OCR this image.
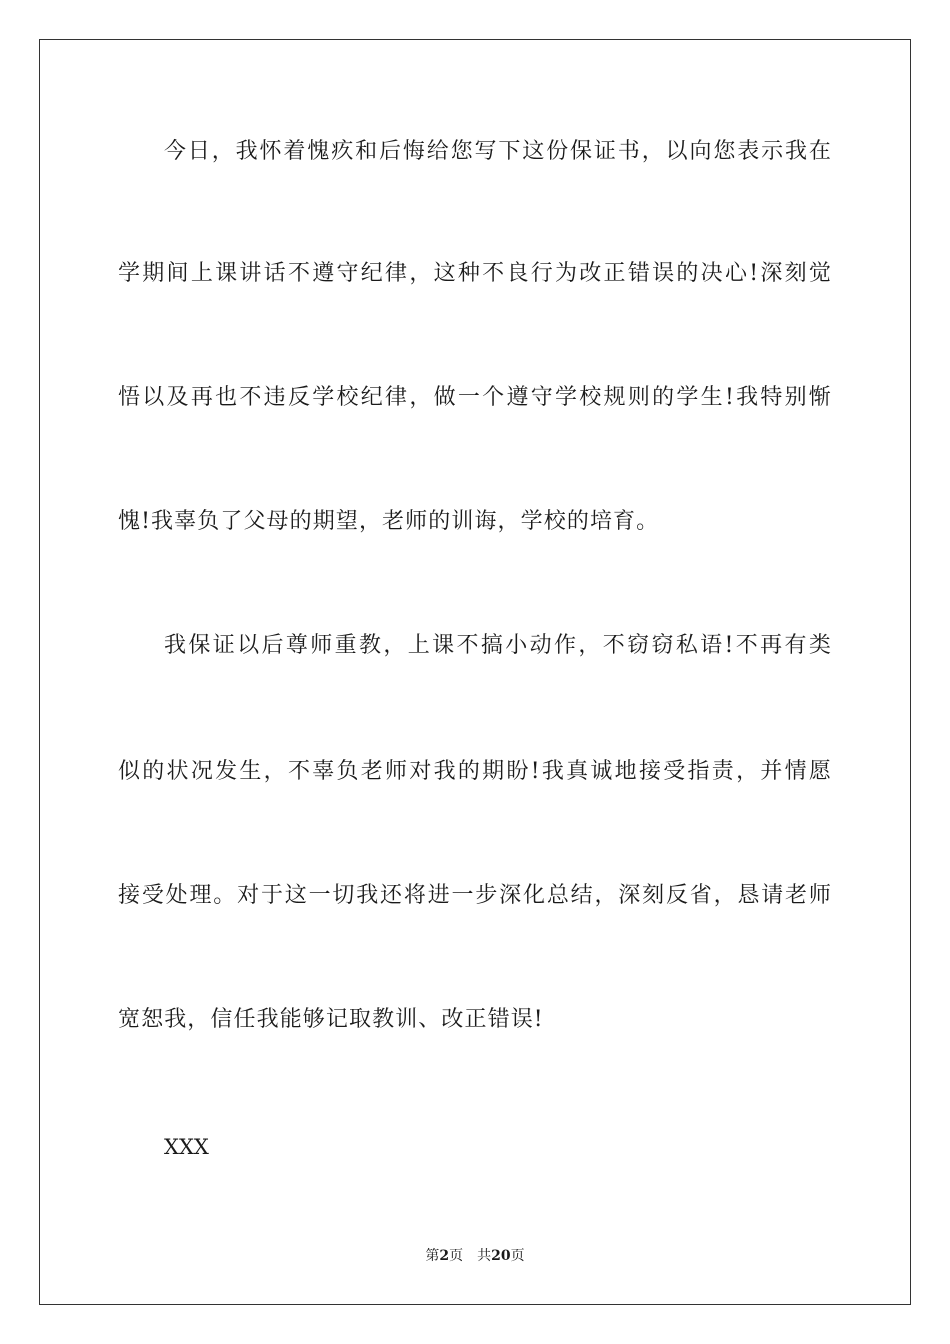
今日，我怀着愧疚和后悔给您写下这份保证书，以向您表示我在
学期间上课讲话不遵守纪律，这种不良行为改正错误的决心!深刻觉
悟以及再也不违反学校纪律，做一个遵守学校规则的学生!我特别惭
愧!我辜负了父母的期望，老师的训诲，学校的培育。
我保证以后尊师重教，上课不搞小动作，不窃窃私语!不再有类
似的状况发生，不辜负老师对我的期盼!我真诚地接受指责，并情愿
接受处理。对于这一切我还将进一步深化总结，深刻反省，恳请老师
宽恕我，信任我能够记取教训、改正错误!
XXX
第2页 共20页
